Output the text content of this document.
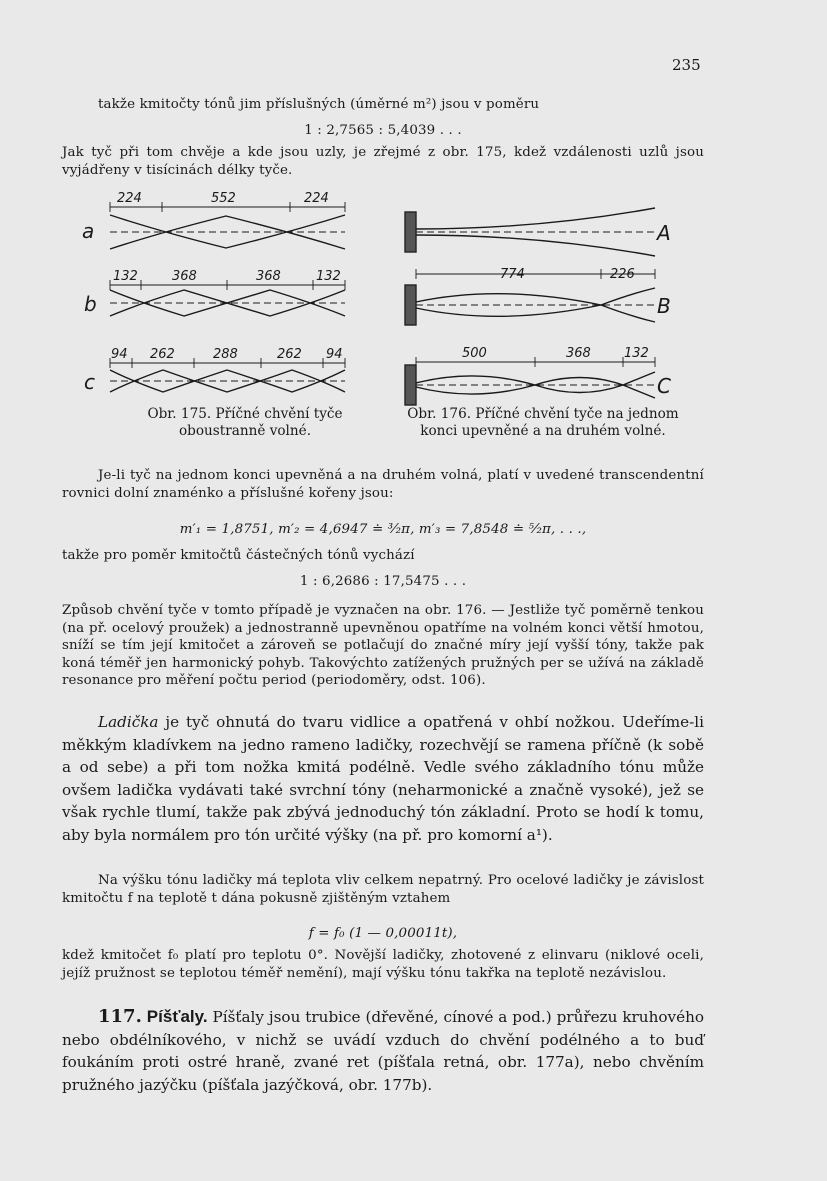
235

takže kmitočty tónů jim příslušných (úměrné m²) jsou v poměru

1 : 2,7565 : 5,4039 . . .

Jak tyč při tom chvěje a kde jsou uzly, je zřejmé z obr. 175, kdež vzdálenosti uzlů jsou vyjádřeny v tisícinách délky tyče.

a
224	552	224
b
132	368	368	132
c
94 262	288	262 94
A
B
774	226
C
500	368	132

Obr. 175. Příčné chvění tyče oboustranně volné.

Obr. 176. Příčné chvění tyče na jednom konci upevněné a na druhém volné.

Je-li tyč na jednom konci upevněná a na druhém volná, platí v uvedené transcendentní rovnici dolní znaménko a příslušné kořeny jsou:

m′₁ = 1,8751, m′₂ = 4,6947 ≐ ³⁄₂π, m′₃ = 7,8548 ≐ ⁵⁄₂π, . . .,

takže pro poměr kmitočtů částečných tónů vychází

1 : 6,2686 : 17,5475 . . .

Způsob chvění tyče v tomto případě je vyznačen na obr. 176. — Jestliže tyč poměrně tenkou (na př. ocelový proužek) a jednostranně upevněnou opatříme na volném konci větší hmotou, sníží se tím její kmitočet a zároveň se potlačují do značné míry její vyšší tóny, takže pak koná téměř jen harmonický pohyb. Takovýchto zatížených pružných per se užívá na základě resonance pro měření počtu period (periodoměry, odst. 106).

Ladička je tyč ohnutá do tvaru vidlice a opatřená v ohbí nožkou. Udeříme-li měkkým kladívkem na jedno rameno ladičky, rozechvějí se ramena příčně (k sobě a od sebe) a při tom nožka kmitá podélně. Vedle svého základního tónu může ovšem ladička vydávati také svrchní tóny (neharmonické a značně vysoké), jež se však rychle tlumí, takže pak zbývá jednoduchý tón základní. Proto se hodí k tomu, aby byla normálem pro tón určité výšky (na př. pro komorní a¹).

Na výšku tónu ladičky má teplota vliv celkem nepatrný. Pro ocelové ladičky je závislost kmitočtu f na teplotě t dána pokusně zjištěným vztahem

f = f₀ (1 — 0,00011t),

kdež kmitočet f₀ platí pro teplotu 0°. Novější ladičky, zhotovené z elinvaru (niklové oceli, jejíž pružnost se teplotou téměř nemění), mají výšku tónu takřka na teplotě nezávislou.

117. Píšťaly. Píšťaly jsou trubice (dřevěné, cínové a pod.) průřezu kruhového nebo obdélníkového, v nichž se uvádí vzduch do chvění podélného a to buď foukáním proti ostré hraně, zvané ret (píšťala retná, obr. 177a), nebo chvěním pružného jazýčku (píšťala jazýčková, obr. 177b).
